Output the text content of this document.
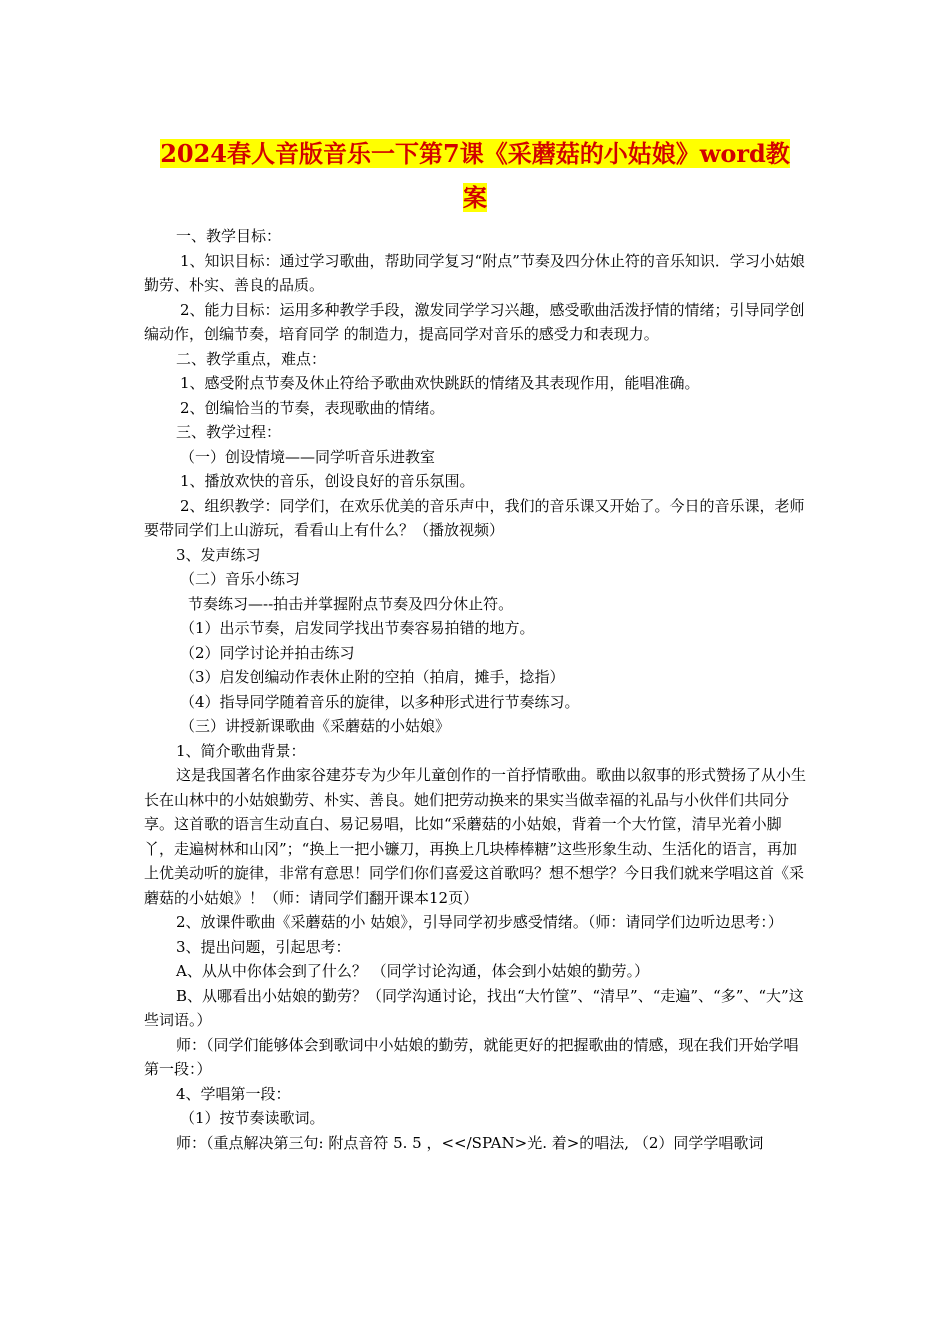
2024春人音版音乐一下第7课《采蘑菇的小姑娘》word教
案

一、教学目标：

1、知识目标：通过学习歌曲，帮助同学复习“附点”节奏及四分休止符的音乐知识．学习小姑娘勤劳、朴实、善良的品质。

2、能力目标：运用多种教学手段，激发同学学习兴趣，感受歌曲活泼抒情的情绪；引导同学创编动作，创编节奏，培育同学 的制造力，提高同学对音乐的感受力和表现力。

二、教学重点，难点：

1、感受附点节奏及休止符给予歌曲欢快跳跃的情绪及其表现作用，能唱准确。

2、创编恰当的节奏，表现歌曲的情绪。

三、教学过程：

（一）创设情境——同学听音乐进教室

1、播放欢快的音乐，创设良好的音乐氛围。

2、组织教学：同学们，在欢乐优美的音乐声中，我们的音乐课又开始了。今日的音乐课，老师要带同学们上山游玩，看看山上有什么？（播放视频）

3、发声练习

（二）音乐小练习

节奏练习—--拍击并掌握附点节奏及四分休止符。

（1）出示节奏，启发同学找出节奏容易拍错的地方。

（2）同学讨论并拍击练习

（3）启发创编动作表休止附的空拍（拍肩，摊手，捻指）

（4）指导同学随着音乐的旋律，以多种形式进行节奏练习。

（三）讲授新课歌曲《采蘑菇的小姑娘》

1、简介歌曲背景：

这是我国著名作曲家谷建芬专为少年儿童创作的一首抒情歌曲。歌曲以叙事的形式赞扬了从小生长在山林中的小姑娘勤劳、朴实、善良。她们把劳动换来的果实当做幸福的礼品与小伙伴们共同分享。这首歌的语言生动直白、易记易唱，比如“采蘑菇的小姑娘，背着一个大竹筐，清早光着小脚丫，走遍树林和山冈”；“换上一把小镰刀，再换上几块棒棒糖”这些形象生动、生活化的语言，再加上优美动听的旋律，非常有意思！同学们你们喜爱这首歌吗？想不想学？今日我们就来学唱这首《采蘑菇的小姑娘》！（师：请同学们翻开课本12页）

2、放课件歌曲《采蘑菇的小 姑娘》，引导同学初步感受情绪。（师：请同学们边听边思考：）

3、提出问题，引起思考：

A、从从中你体会到了什么？ （同学讨论沟通，体会到小姑娘的勤劳。）

B、从哪看出小姑娘的勤劳？（同学沟通讨论，找出“大竹筐”、“清早”、“走遍”、“多”、“大”这些词语。）

师：（同学们能够体会到歌词中小姑娘的勤劳，就能更好的把握歌曲的情感，现在我们开始学唱第一段：）

4、学唱第一段：

（1）按节奏读歌词。

师：（重点解决第三句: 附点音符 5. 5 ，<</SPAN>光. 着>的唱法, （2）同学学唱歌词
